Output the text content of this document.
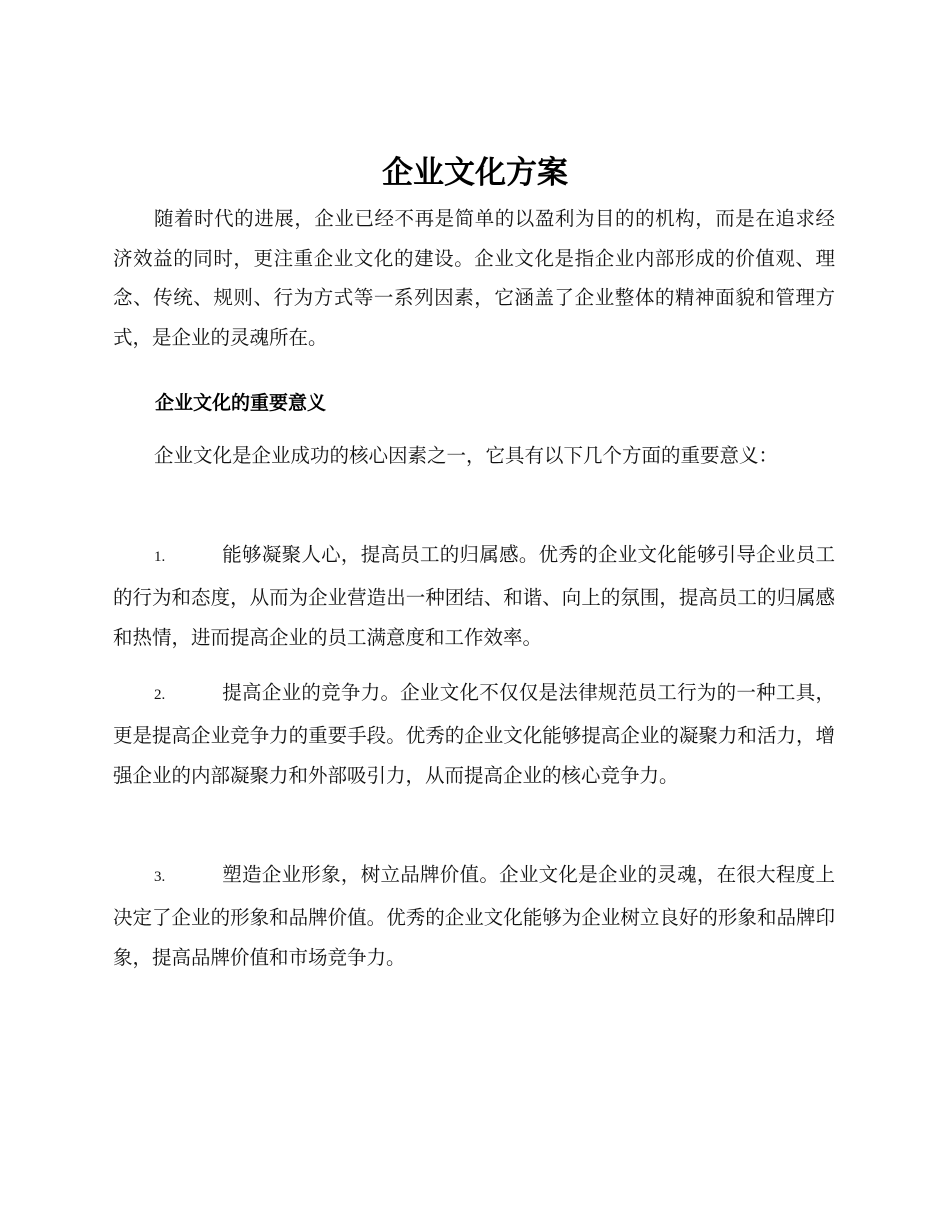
企业文化方案

随着时代的进展，企业已经不再是简单的以盈利为目的的机构，而是在追求经济效益的同时，更注重企业文化的建设。企业文化是指企业内部形成的价值观、理念、传统、规则、行为方式等一系列因素，它涵盖了企业整体的精神面貌和管理方式，是企业的灵魂所在。

企业文化的重要意义

企业文化是企业成功的核心因素之一，它具有以下几个方面的重要意义：

1.	能够凝聚人心，提高员工的归属感。优秀的企业文化能够引导企业员工的行为和态度，从而为企业营造出一种团结、和谐、向上的氛围，提高员工的归属感和热情，进而提高企业的员工满意度和工作效率。

2.	提高企业的竞争力。企业文化不仅仅是法律规范员工行为的一种工具，更是提高企业竞争力的重要手段。优秀的企业文化能够提高企业的凝聚力和活力，增强企业的内部凝聚力和外部吸引力，从而提高企业的核心竞争力。

3.	塑造企业形象，树立品牌价值。企业文化是企业的灵魂，在很大程度上决定了企业的形象和品牌价值。优秀的企业文化能够为企业树立良好的形象和品牌印象，提高品牌价值和市场竞争力。
